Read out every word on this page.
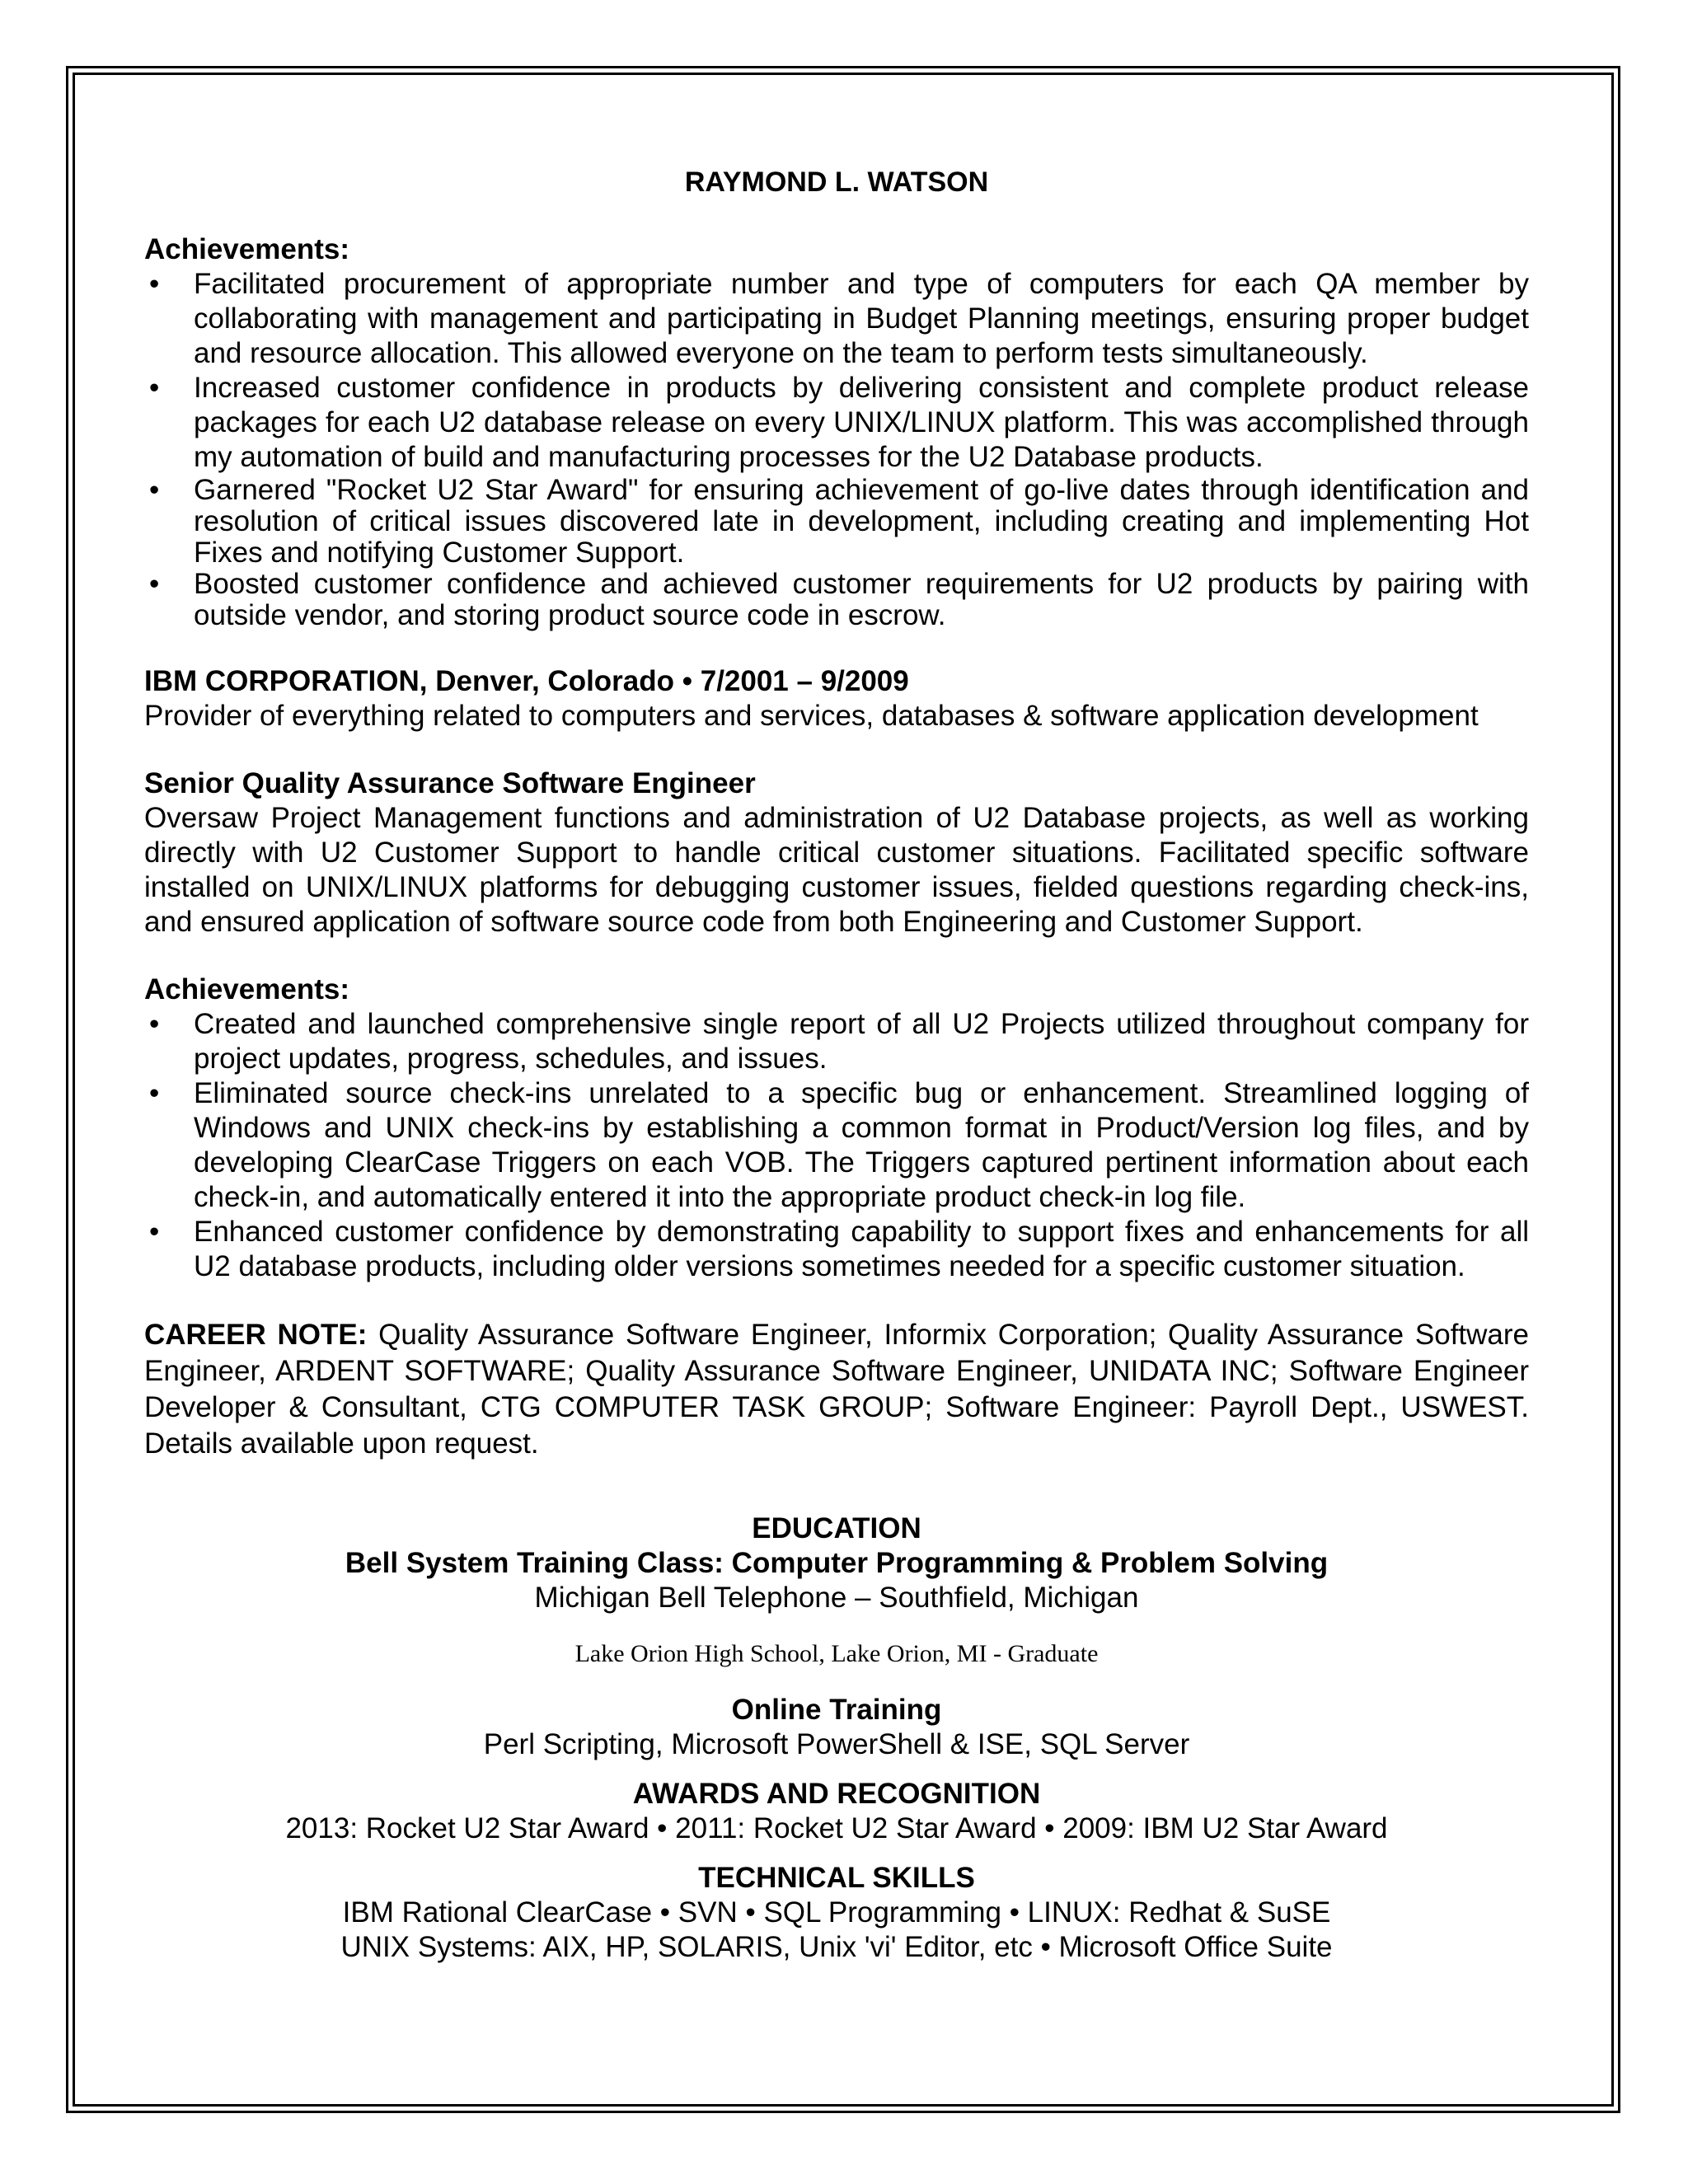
RAYMOND L. WATSON
Achievements:
• Facilitated procurement of appropriate number and type of computers for each QA member by collaborating with management and participating in Budget Planning meetings, ensuring proper budget and resource allocation. This allowed everyone on the team to perform tests simultaneously.
• Increased customer confidence in products by delivering consistent and complete product release packages for each U2 database release on every UNIX/LINUX platform. This was accomplished through my automation of build and manufacturing processes for the U2 Database products.
• Garnered "Rocket U2 Star Award" for ensuring achievement of go-live dates through identification and resolution of critical issues discovered late in development, including creating and implementing Hot Fixes and notifying Customer Support.
• Boosted customer confidence and achieved customer requirements for U2 products by pairing with outside vendor, and storing product source code in escrow.
IBM CORPORATION, Denver, Colorado • 7/2001 – 9/2009

Provider of everything related to computers and services, databases & software application development

Senior Quality Assurance Software Engineer

Oversaw Project Management functions and administration of U2 Database projects, as well as working directly with U2 Customer Support to handle critical customer situations. Facilitated specific software installed on UNIX/LINUX platforms for debugging customer issues, fielded questions regarding check-ins, and ensured application of software source code from both Engineering and Customer Support.

Achievements:
• Created and launched comprehensive single report of all U2 Projects utilized throughout company for project updates, progress, schedules, and issues.
• Eliminated source check-ins unrelated to a specific bug or enhancement. Streamlined logging of Windows and UNIX check-ins by establishing a common format in Product/Version log files, and by developing ClearCase Triggers on each VOB. The Triggers captured pertinent information about each check-in, and automatically entered it into the appropriate product check-in log file.
• Enhanced customer confidence by demonstrating capability to support fixes and enhancements for all U2 database products, including older versions sometimes needed for a specific customer situation.

CAREER NOTE: Quality Assurance Software Engineer, Informix Corporation; Quality Assurance Software Engineer, ARDENT SOFTWARE; Quality Assurance Software Engineer, UNIDATA INC; Software Engineer Developer & Consultant, CTG COMPUTER TASK GROUP; Software Engineer: Payroll Dept., USWEST. Details available upon request.

EDUCATION
Bell System Training Class: Computer Programming & Problem Solving
Michigan Bell Telephone – Southfield, Michigan
Lake Orion High School, Lake Orion, MI - Graduate
Online Training
Perl Scripting, Microsoft PowerShell & ISE, SQL Server
AWARDS AND RECOGNITION
2013: Rocket U2 Star Award • 2011: Rocket U2 Star Award • 2009: IBM U2 Star Award
TECHNICAL SKILLS
IBM Rational ClearCase • SVN • SQL Programming • LINUX: Redhat & SuSE
UNIX Systems: AIX, HP, SOLARIS, Unix 'vi' Editor, etc • Microsoft Office Suite
